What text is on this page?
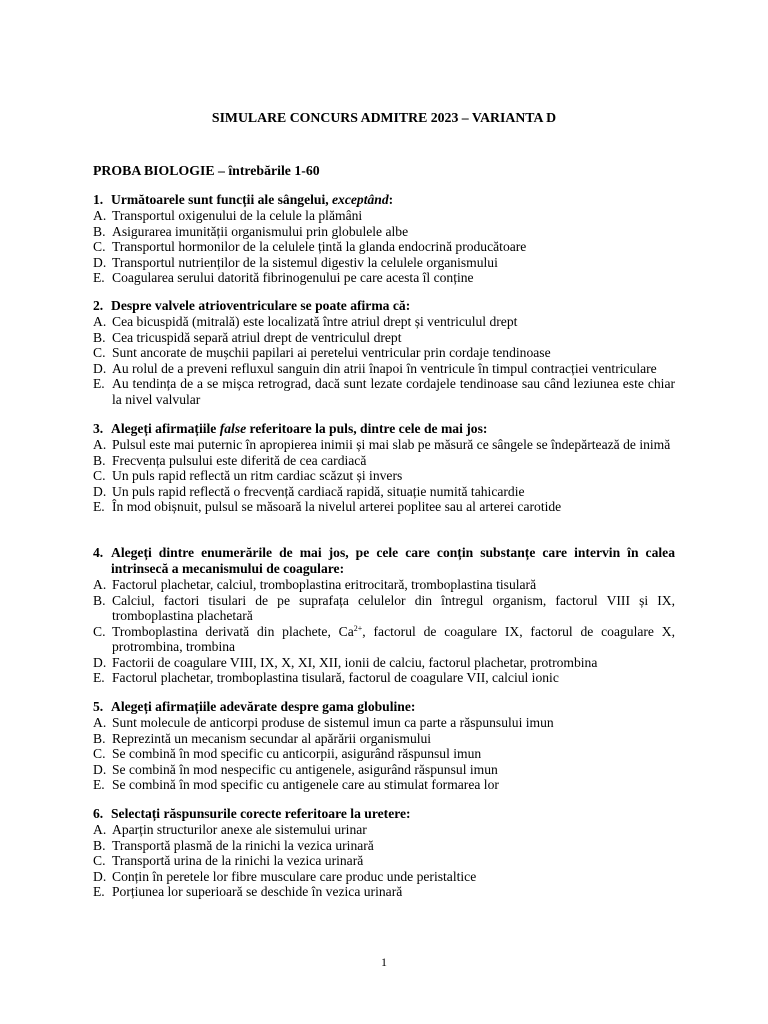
SIMULARE CONCURS ADMITRE 2023 – VARIANTA D
PROBA BIOLOGIE – întrebările 1-60
1. Următoarele sunt funcții ale sângelui, exceptând:
A. Transportul oxigenului de la celule la plămâni
B. Asigurarea imunității organismului prin globulele albe
C. Transportul hormonilor de la celulele țintă la glanda endocrină producătoare
D. Transportul nutrienților de la sistemul digestiv la celulele organismului
E. Coagularea serului datorită fibrinogenului pe care acesta îl conține
2. Despre valvele atrioventriculare se poate afirma că:
A. Cea bicuspidă (mitrală) este localizată între atriul drept și ventriculul drept
B. Cea tricuspidă separă atriul drept de ventriculul drept
C. Sunt ancorate de mușchii papilari ai peretelui ventricular prin cordaje tendinoase
D. Au rolul de a preveni refluxul sanguin din atrii înapoi în ventricule în timpul contracției ventriculare
E. Au tendința de a se mișca retrograd, dacă sunt lezate cordajele tendinoase sau când leziunea este chiar la nivel valvular
3. Alegeți afirmațiile false referitoare la puls, dintre cele de mai jos:
A. Pulsul este mai puternic în apropierea inimii și mai slab pe măsură ce sângele se îndepărtează de inimă
B. Frecvența pulsului este diferită de cea cardiacă
C. Un puls rapid reflectă un ritm cardiac scăzut și invers
D. Un puls rapid reflectă o frecvență cardiacă rapidă, situație numită tahicardie
E. În mod obișnuit, pulsul se măsoară la nivelul arterei poplitee sau al arterei carotide
4. Alegeți dintre enumerările de mai jos, pe cele care conțin substanțe care intervin în calea intrinsecă a mecanismului de coagulare:
A. Factorul plachetar, calciul, tromboplastina eritrocitară, tromboplastina tisulară
B. Calciul, factori tisulari de pe suprafața celulelor din întregul organism, factorul VIII și IX, tromboplastina plachetară
C. Tromboplastina derivată din plachete, $Ca^{2+}$, factorul de coagulare IX, factorul de coagulare X, protrombina, trombina
D. Factorii de coagulare VIII, IX, X, XI, XII, ionii de calciu, factorul plachetar, protrombina
E. Factorul plachetar, tromboplastina tisulară, factorul de coagulare VII, calciul ionic
5. Alegeți afirmațiile adevărate despre gama globuline:
A. Sunt molecule de anticorpi produse de sistemul imun ca parte a răspunsului imun
B. Reprezintă un mecanism secundar al apărării organismului
C. Se combină în mod specific cu anticorpii, asigurând răspunsul imun
D. Se combină în mod nespecific cu antigenele, asigurând răspunsul imun
E. Se combină în mod specific cu antigenele care au stimulat formarea lor
6. Selectați răspunsurile corecte referitoare la uretere:
A. Aparțin structurilor anexe ale sistemului urinar
B. Transportă plasmă de la rinichi la vezica urinară
C. Transportă urina de la rinichi la vezica urinară
D. Conțin în peretele lor fibre musculare care produc unde peristaltice
E. Porțiunea lor superioară se deschide în vezica urinară
1
